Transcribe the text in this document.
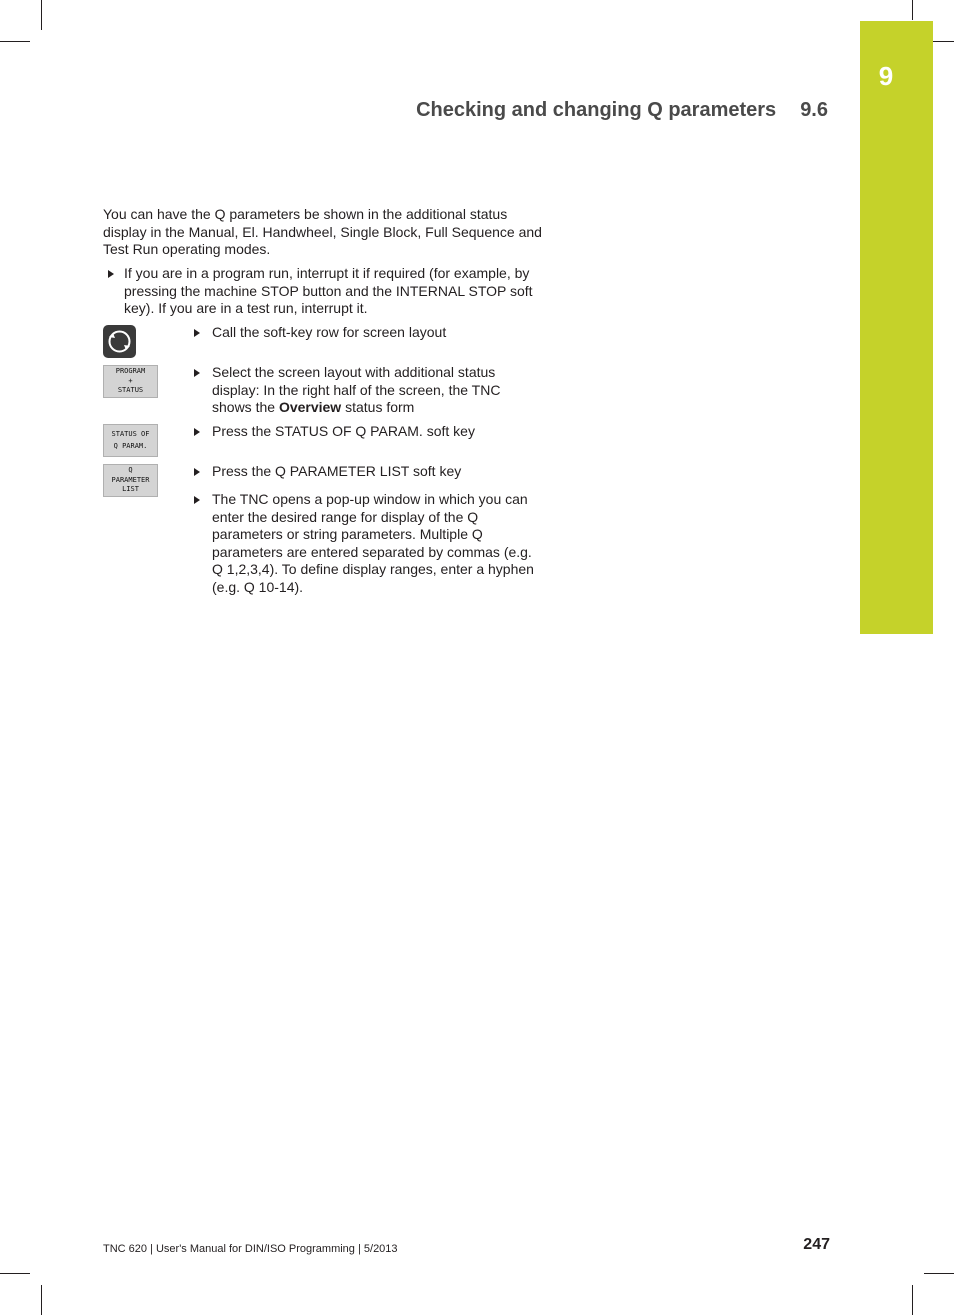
9
Checking and changing Q parameters 9.6
You can have the Q parameters be shown in the additional status display in the Manual, El. Handwheel, Single Block, Full Sequence and Test Run operating modes.
If you are in a program run, interrupt it if required (for example, by pressing the machine STOP button and the INTERNAL STOP soft key). If you are in a test run, interrupt it.
Call the soft-key row for screen layout
PROGRAM
+
STATUS
Select the screen layout with additional status display: In the right half of the screen, the TNC shows the Overview status form
STATUS OF
Q PARAM.
Press the STATUS OF Q PARAM. soft key
Q
PARAMETER
LIST
Press the Q PARAMETER LIST soft key
The TNC opens a pop-up window in which you can enter the desired range for display of the Q parameters or string parameters. Multiple Q parameters are entered separated by commas (e.g. Q 1,2,3,4). To define display ranges, enter a hyphen (e.g. Q 10-14).
TNC 620 | User's Manual for DIN/ISO Programming | 5/2013	247
